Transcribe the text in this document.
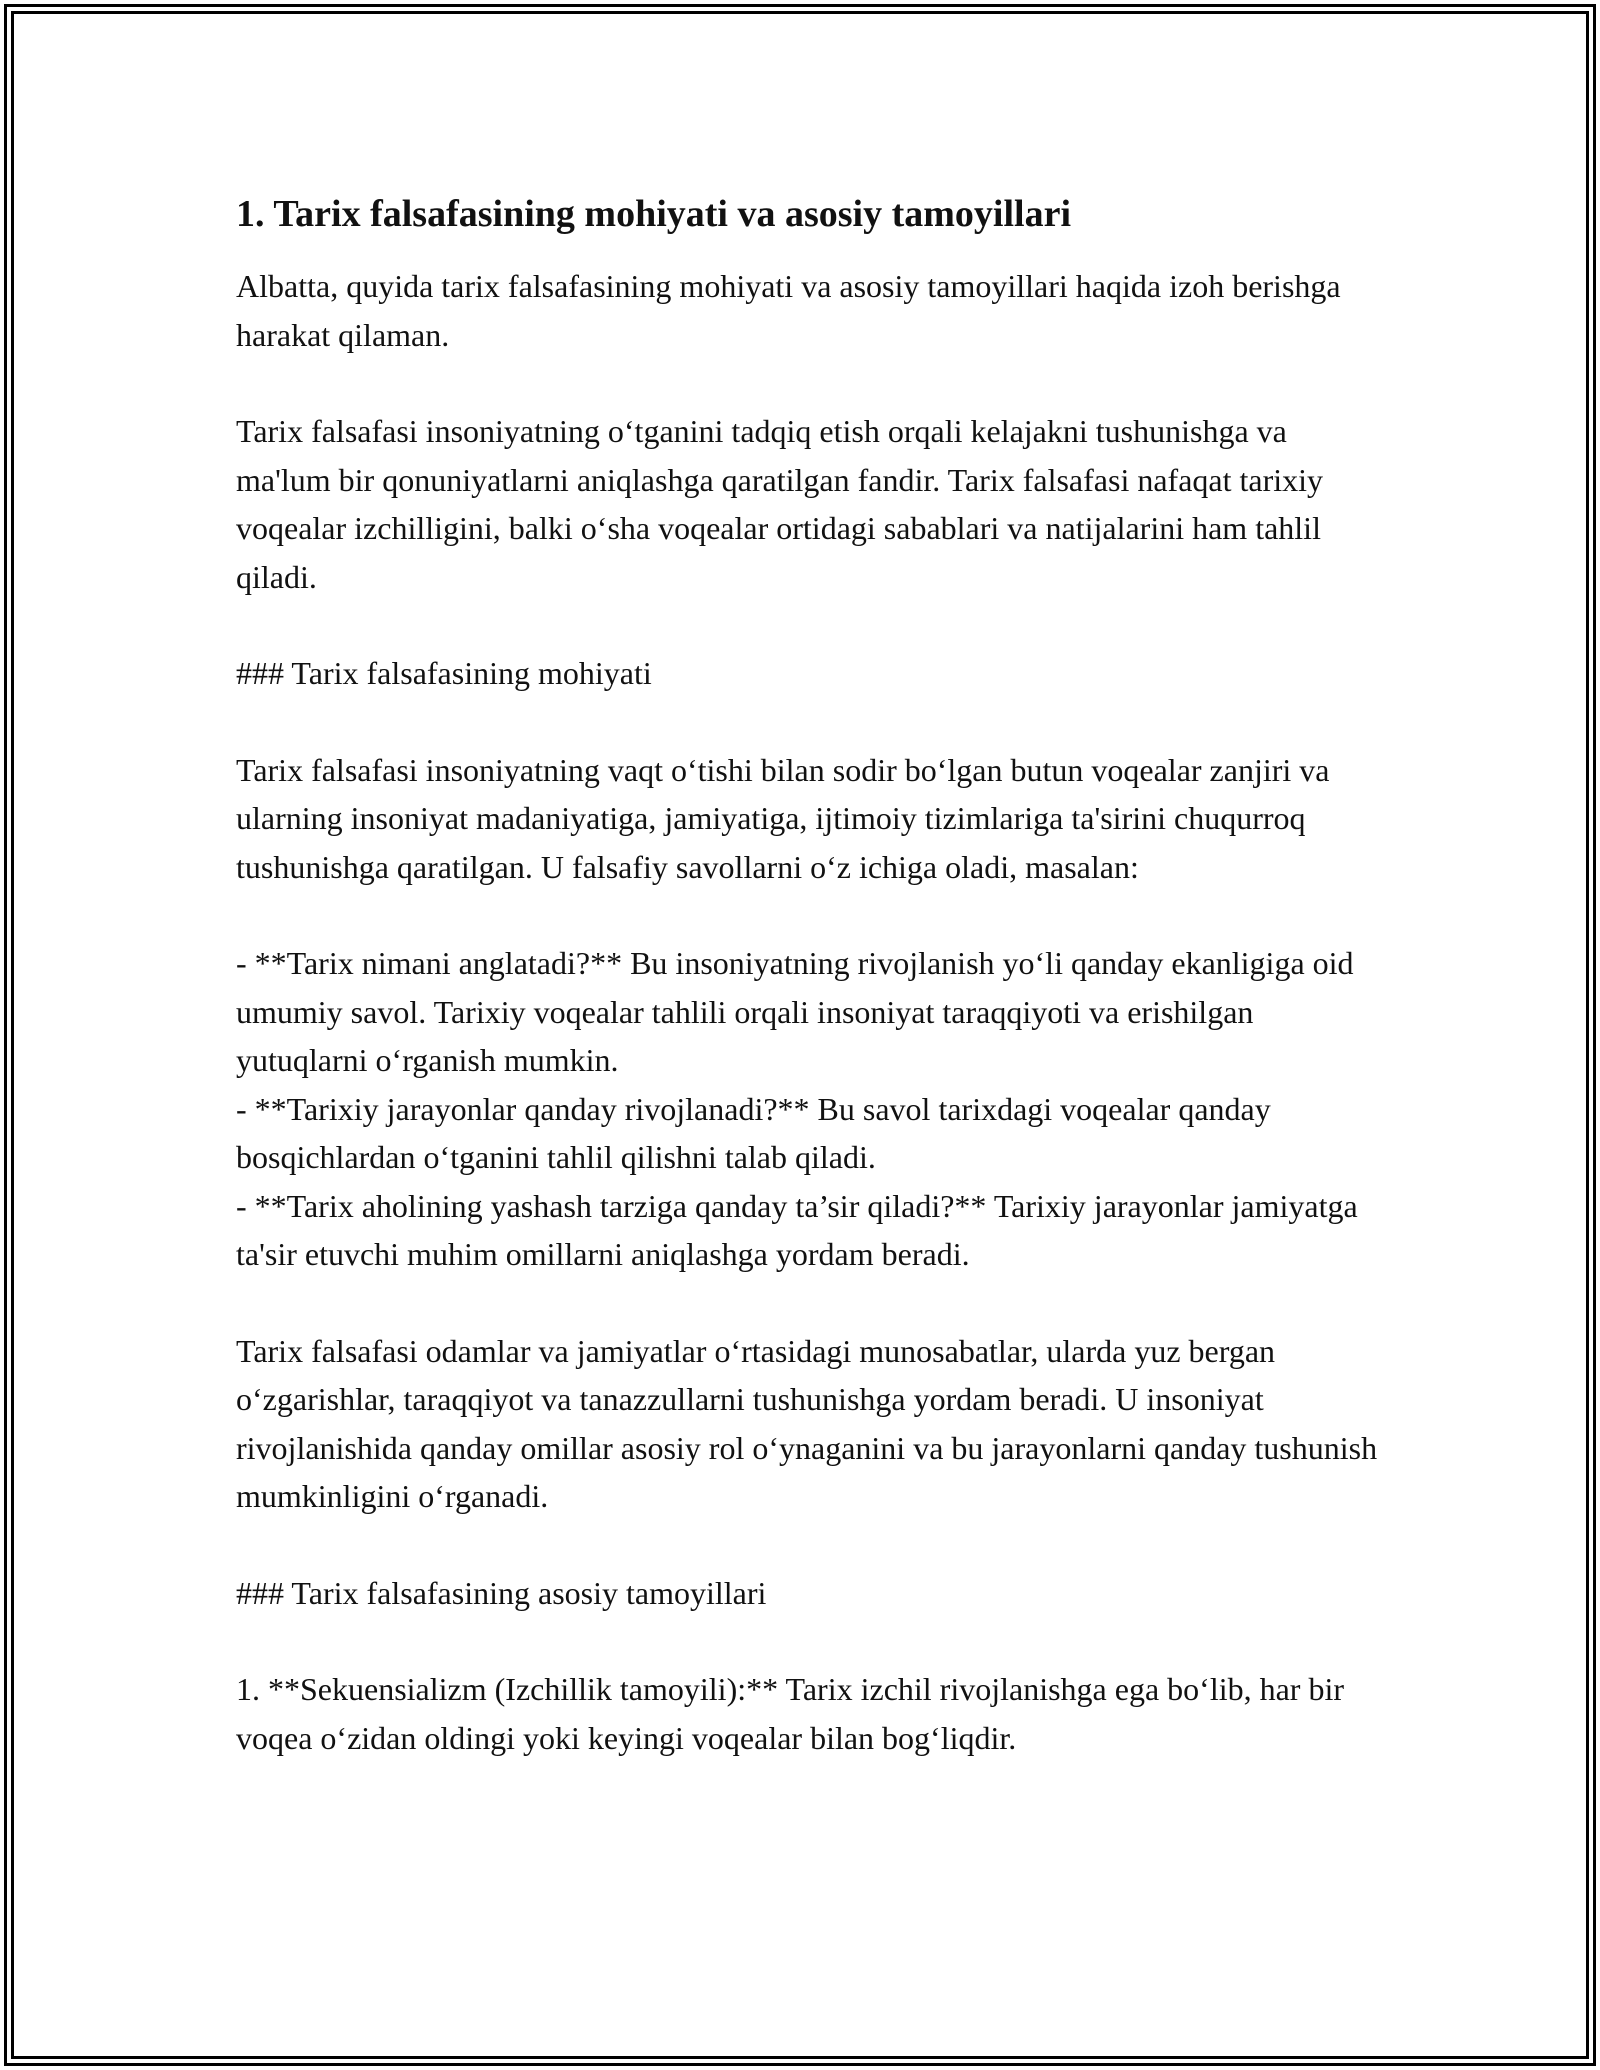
1. Tarix falsafasining mohiyati va asosiy tamoyillari

Albatta, quyida tarix falsafasining mohiyati va asosiy tamoyillari haqida izoh berishga harakat qilaman.

Tarix falsafasi insoniyatning o‘tganini tadqiq etish orqali kelajakni tushunishga va ma'lum bir qonuniyatlarni aniqlashga qaratilgan fandir. Tarix falsafasi nafaqat tarixiy voqealar izchilligini, balki o‘sha voqealar ortidagi sabablari va natijalarini ham tahlil qiladi.

### Tarix falsafasining mohiyati

Tarix falsafasi insoniyatning vaqt o‘tishi bilan sodir bo‘lgan butun voqealar zanjiri va ularning insoniyat madaniyatiga, jamiyatiga, ijtimoiy tizimlariga ta'sirini chuqurroq tushunishga qaratilgan. U falsafiy savollarni o‘z ichiga oladi, masalan:

- **Tarix nimani anglatadi?** Bu insoniyatning rivojlanish yo‘li qanday ekanligiga oid umumiy savol. Tarixiy voqealar tahlili orqali insoniyat taraqqiyoti va erishilgan yutuqlarni o‘rganish mumkin.

- **Tarixiy jarayonlar qanday rivojlanadi?** Bu savol tarixdagi voqealar qanday bosqichlardan o‘tganini tahlil qilishni talab qiladi.

- **Tarix aholining yashash tarziga qanday ta’sir qiladi?** Tarixiy jarayonlar jamiyatga ta'sir etuvchi muhim omillarni aniqlashga yordam beradi.

Tarix falsafasi odamlar va jamiyatlar o‘rtasidagi munosabatlar, ularda yuz bergan o‘zgarishlar, taraqqiyot va tanazzullarni tushunishga yordam beradi. U insoniyat rivojlanishida qanday omillar asosiy rol o‘ynaganini va bu jarayonlarni qanday tushunish mumkinligini o‘rganadi.

### Tarix falsafasining asosiy tamoyillari

1. **Sekuensializm (Izchillik tamoyili):** Tarix izchil rivojlanishga ega bo‘lib, har bir voqea o‘zidan oldingi yoki keyingi voqealar bilan bog‘liqdir.
